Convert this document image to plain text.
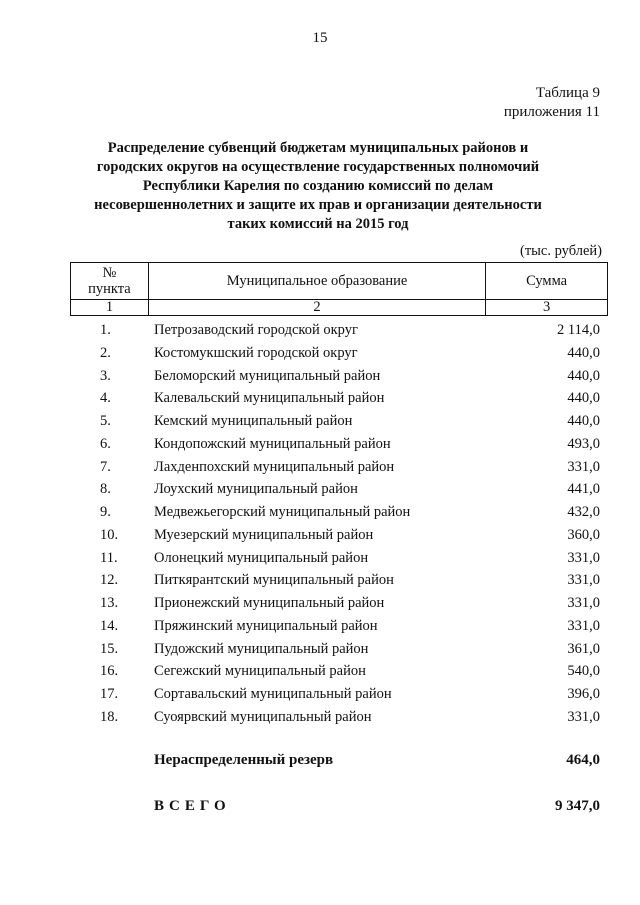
15
Таблица 9
приложения 11
Распределение субвенций бюджетам муниципальных районов и
городских округов на осуществление государственных полномочий
Республики Карелия по созданию комиссий по делам
несовершеннолетних и защите их прав и организации деятельности
таких комиссий на 2015 год
(тыс. рублей)
№
пункта	Муниципальное образование	Сумма
1	2	3
1.	Петрозаводский городской округ	2 114,0
2.	Костомукшский городской округ	440,0
3.	Беломорский муниципальный район	440,0
4.	Калевальский муниципальный район	440,0
5.	Кемский муниципальный район	440,0
6.	Кондопожский муниципальный район	493,0
7.	Лахденпохский муниципальный район	331,0
8.	Лоухский муниципальный район	441,0
9.	Медвежьегорский муниципальный район	432,0
10.	Муезерский муниципальный район	360,0
11.	Олонецкий муниципальный район	331,0
12.	Питкярантский муниципальный район	331,0
13.	Прионежский муниципальный район	331,0
14.	Пряжинский муниципальный район	331,0
15.	Пудожский муниципальный район	361,0
16.	Сегежский муниципальный район	540,0
17.	Сортавальский муниципальный район	396,0
18.	Суоярвский муниципальный район	331,0
Нераспределенный резерв	464,0
ВСЕГО	9 347,0
